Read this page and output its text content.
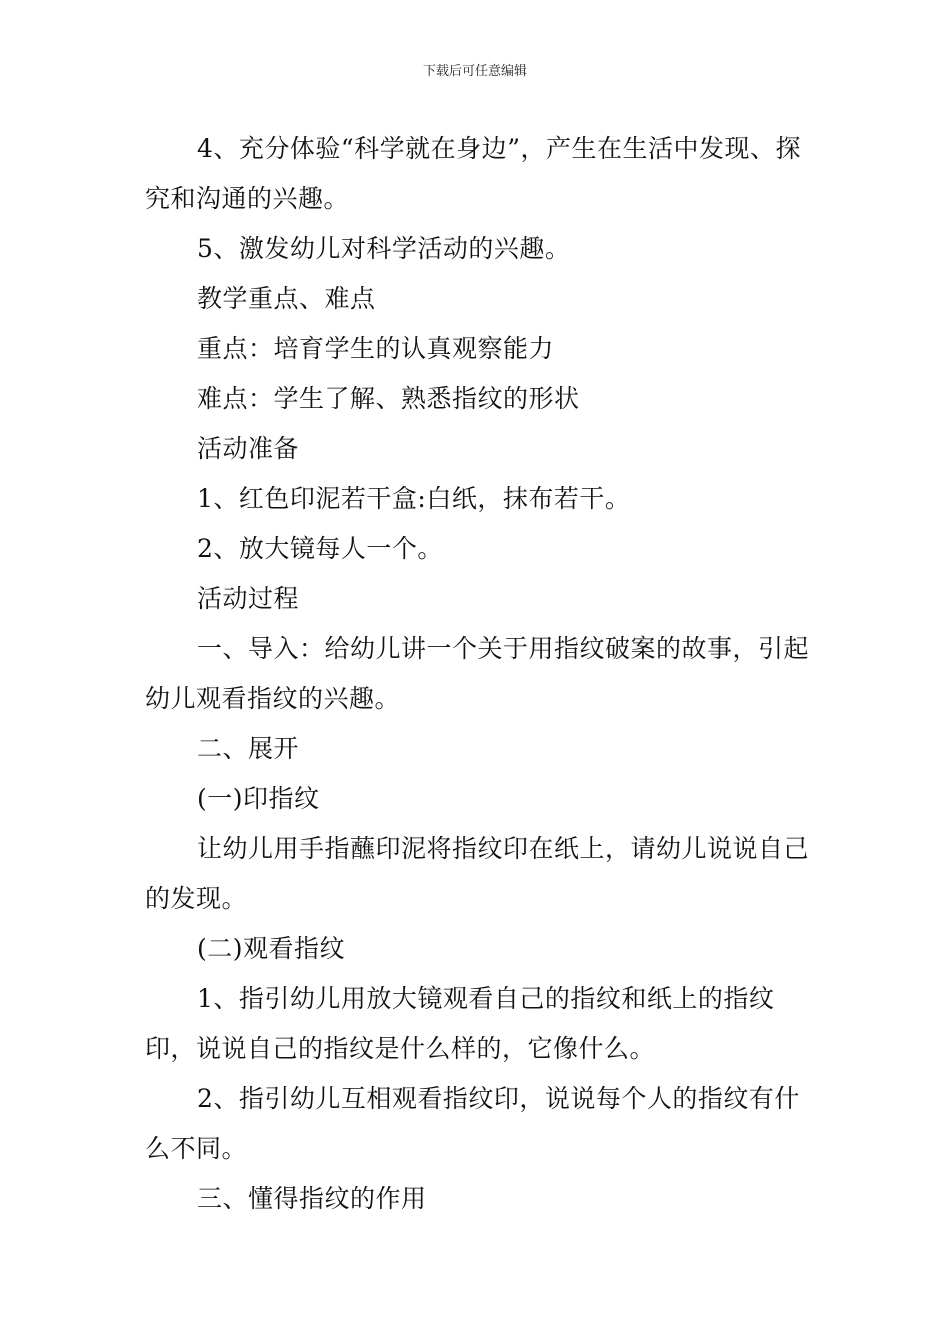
下载后可任意编辑

4、充分体验“科学就在身边”，产生在生活中发现、探究和沟通的兴趣。

5、激发幼儿对科学活动的兴趣。

教学重点、难点

重点：培育学生的认真观察能力

难点：学生了解、熟悉指纹的形状

活动准备

1、红色印泥若干盒:白纸，抹布若干。

2、放大镜每人一个。

活动过程

一、导入：给幼儿讲一个关于用指纹破案的故事，引起幼儿观看指纹的兴趣。

二、展开

(一)印指纹

让幼儿用手指蘸印泥将指纹印在纸上，请幼儿说说自己的发现。

(二)观看指纹

1、指引幼儿用放大镜观看自己的指纹和纸上的指纹印，说说自己的指纹是什么样的，它像什么。

2、指引幼儿互相观看指纹印，说说每个人的指纹有什么不同。

三、懂得指纹的作用
